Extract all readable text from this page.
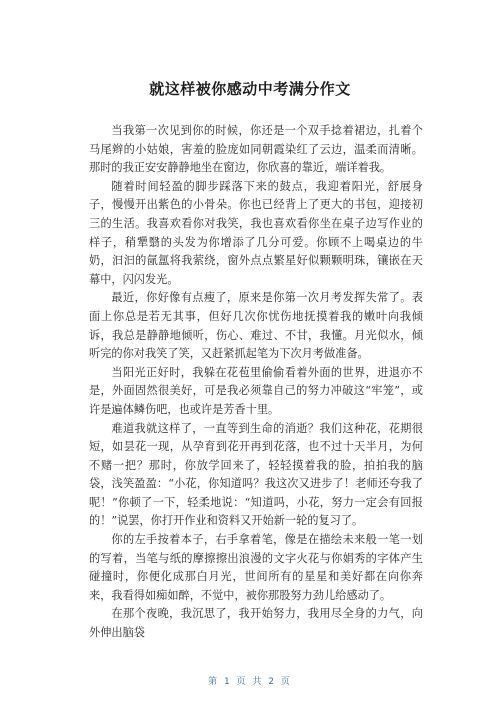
就这样被你感动中考满分作文

当我第一次见到你的时候，你还是一个双手捻着裙边，扎着个马尾辫的小姑娘，害羞的脸庞如同朝霞染红了云边，温柔而清晰。那时的我正安安静静地坐在窗边，你欣喜的靠近，端详着我。

随着时间轻盈的脚步踩落下来的鼓点，我迎着阳光，舒展身子，慢慢开出紫色的小骨朵。你也已经背上了更大的书包，迎接初三的生活。我喜欢看你对我笑，我也喜欢看你坐在桌子边写作业的样子，稍犟翳的头发为你增添了几分可爱。你顾不上喝桌边的牛奶，汩汩的氤氲将我萦绕，窗外点点繁星好似颗颗明珠，镶嵌在天幕中，闪闪发光。

最近，你好像有点瘦了，原来是你第一次月考发挥失常了。表面上你总是若无其事，但好几次你忧伤地抚摸着我的嫩叶向我倾诉，我总是静静地倾听，伤心、难过、不甘，我懂。月光似水，倾听完的你对我笑了笑，又赶紧抓起笔为下次月考做准备。

当阳光正好时，我躲在花苞里偷偷看着外面的世界，进退亦不是，外面固然很美好，可是我必须靠自己的努力冲破这“牢笼”，或许是遍体鳞伤吧，也或许是芳香十里。

难道我就这样了，一直等到生命的消逝？我们这种花，花期很短，如昙花一现，从孕育到花开再到花落，也不过十天半月，为何不赌一把？那时，你放学回来了，轻轻摸着我的脸，拍拍我的脑袋，浅笑盈盈：“小花，你知道吗？我这次又进步了！老师还夸我了呢！”你顿了一下，轻柔地说：“知道吗，小花，努力一定会有回报的！”说罢，你打开作业和资料又开始新一轮的复习了。

你的左手按着本子，右手拿着笔，像是在描绘未来般一笔一划的写着，当笔与纸的摩擦擦出浪漫的文字火花与你娟秀的字体产生碰撞时，你便化成那白月光，世间所有的星星和美好都在向你奔来，我看得如痴如醉，不觉中，被你那股努力劲儿给感动了。

在那个夜晚，我沉思了，我开始努力，我用尽全身的力气，向外伸出脑袋

第 1 页 共 2 页
